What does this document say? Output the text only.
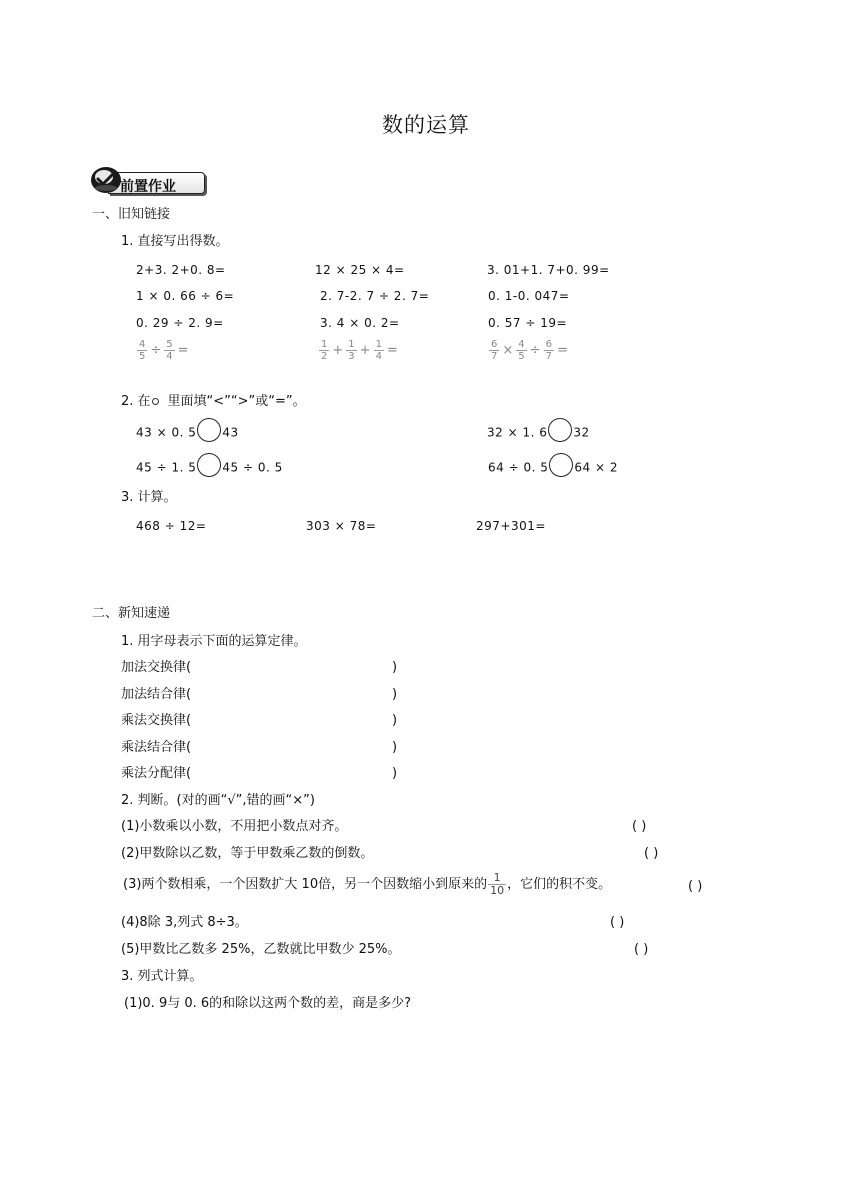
数的运算
前置作业
一、旧知链接
1. 直接写出得数。
2+3. 2+0. 8=	12 × 25 × 4=	3. 01+1. 7+0. 99=
1 × 0. 66 ÷ 6=	2. 7-2. 7 ÷ 2. 7=	0. 1-0. 047=
0. 29 ÷ 2. 9=	3. 4 × 0. 2=	0. 57 ÷ 19=
$\frac{4}{5} \div \frac{5}{4}$ =	$\frac{1}{2} + \frac{1}{3} + \frac{1}{4}$ =	$\frac{6}{7} \times \frac{4}{5} \div \frac{6}{7}$ =
2. 在 里面填“<”“>”或“=”。
43 × 0. 5 43	32 × 1. 6 32
45 ÷ 1. 5 45 ÷ 0. 5	64 ÷ 0. 5 64 × 2
3. 计算。
468 ÷ 12=	303 × 78=	297+301=
二、新知速递
1. 用字母表示下面的运算定律。
加法交换律(	)
加法结合律(	)
乘法交换律(	)
乘法结合律(	)
乘法分配律(	)
2. 判断。(对的画“√”,错的画“×”)
(1)小数乘以小数，不用把小数点对齐。	( )
(2)甲数除以乙数，等于甲数乘乙数的倒数。	( )
(3)两个数相乘，一个因数扩大 10倍，另一个因数缩小到原来的 $\frac{1}{10}$ ，它们的积不变。	( )
(4)8除 3,列式 8÷3。	( )
(5)甲数比乙数多 25%，乙数就比甲数少 25%。	( )
3. 列式计算。
(1)0. 9与 0. 6的和除以这两个数的差，商是多少?
